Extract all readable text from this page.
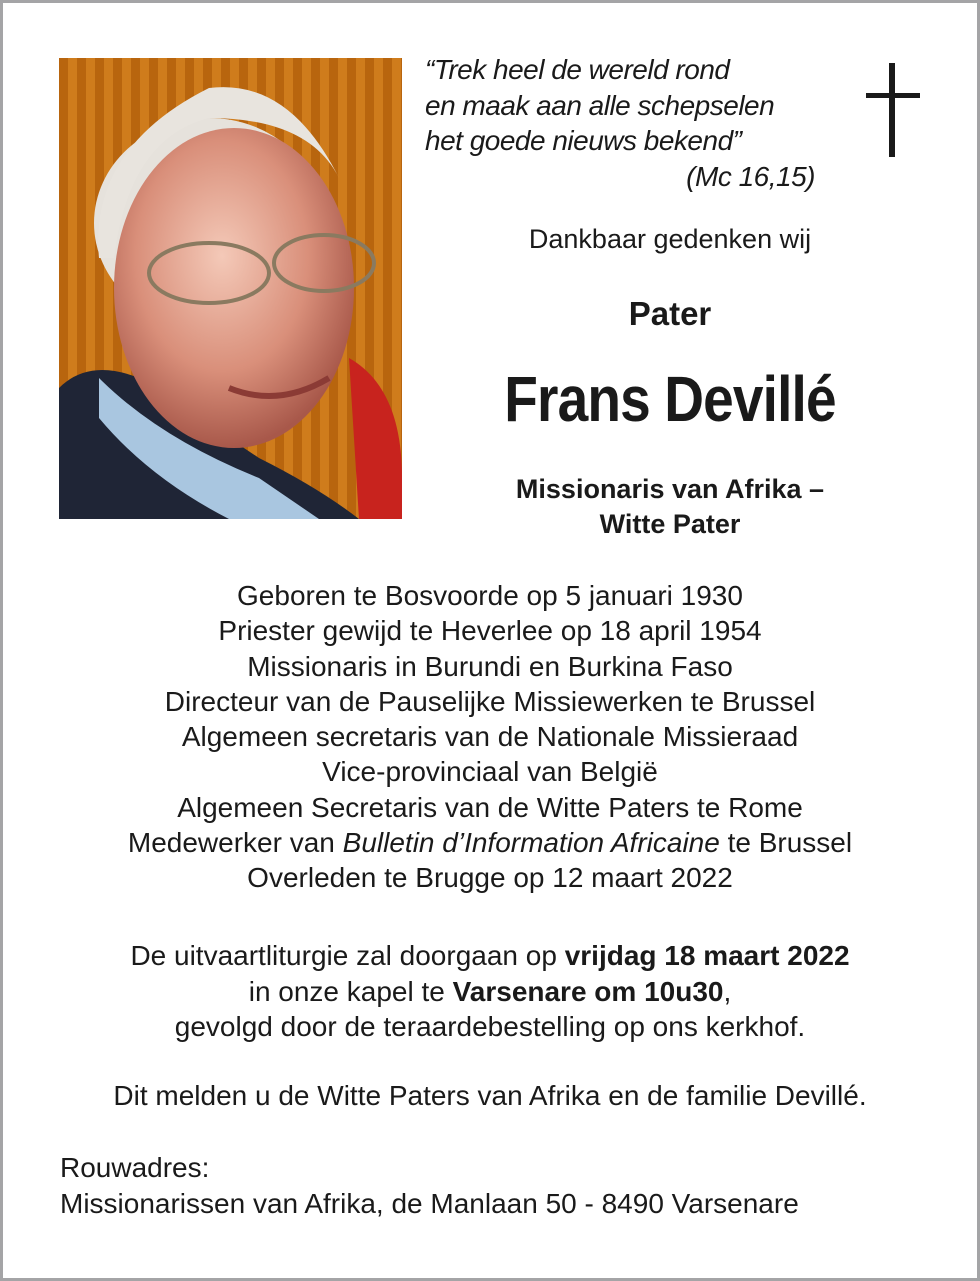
“Trek heel de wereld rond
en maak aan alle schepselen
het goede nieuws bekend”
(Mc 16,15)
Dankbaar gedenken wij
Pater
Frans Devillé
Missionaris van Afrika –
Witte Pater
Geboren te Bosvoorde op 5 januari 1930
Priester gewijd te Heverlee op 18 april 1954
Missionaris in Burundi en Burkina Faso
Directeur van de Pauselijke Missiewerken te Brussel
Algemeen secretaris van de Nationale Missieraad
Vice-provinciaal van België
Algemeen Secretaris van de Witte Paters te Rome
Medewerker van Bulletin d’Information Africaine te Brussel
Overleden te Brugge op 12 maart 2022
De uitvaartliturgie zal doorgaan op vrijdag 18 maart 2022
in onze kapel te Varsenare om 10u30,
gevolgd door de teraardebestelling op ons kerkhof.
Dit melden u de Witte Paters van Afrika en de familie Devillé.
Rouwadres:
Missionarissen van Afrika, de Manlaan 50 - 8490 Varsenare
